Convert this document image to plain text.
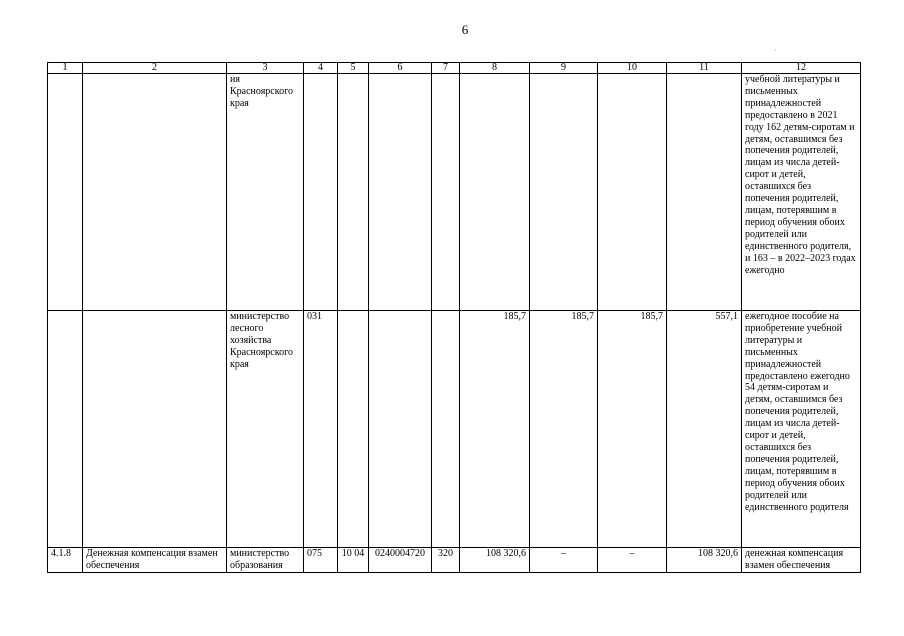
6
·
1	2	3	4	5	6	7	8	9	10	11	12
		ия Красноярского края									учебной литературы и письменных принадлежностей предоставлено в 2021 году 162 детям-сиротам и детям, оставшимся без попечения родителей, лицам из числа детей-сирот и детей, оставшихся без попечения родителей, лицам, потерявшим в период обучения обоих родителей или единственного родителя, и 163 – в 2022–2023 годах ежегодно
		министерство лесного хозяйства Красноярского края	031				185,7	185,7	185,7	557,1	ежегодное пособие на приобретение учебной литературы и письменных принадлежностей предоставлено ежегодно 54 детям-сиротам и детям, оставшимся без попечения родителей, лицам из числа детей-сирот и детей, оставшихся без попечения родителей, лицам, потерявшим в период обучения обоих родителей или единственного родителя
4.1.8	Денежная компенсация взамен обеспечения	министерство образования	075	10 04	0240004720	320	108 320,6	–	–	108 320,6	денежная компенсация взамен обеспечения
